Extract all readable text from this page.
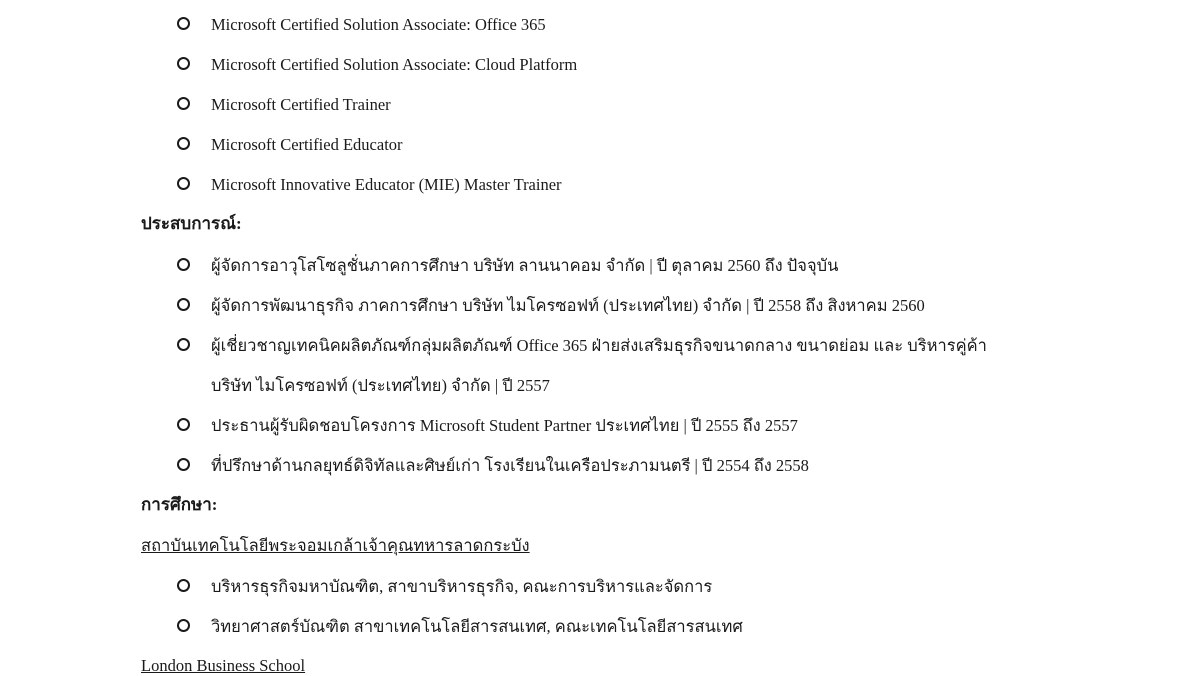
Microsoft Certified Solution Associate: Office 365
Microsoft Certified Solution Associate: Cloud Platform
Microsoft Certified Trainer
Microsoft Certified Educator
Microsoft Innovative Educator (MIE) Master Trainer
ประสบการณ์:
ผู้จัดการอาวุโสโซลูชั่นภาคการศึกษา บริษัท ลานนาคอม จำกัด | ปี ตุลาคม 2560 ถึง ปัจจุบัน
ผู้จัดการพัฒนาธุรกิจ ภาคการศึกษา บริษัท ไมโครซอฟท์ (ประเทศไทย) จำกัด | ปี 2558 ถึง สิงหาคม 2560
ผู้เชี่ยวชาญเทคนิคผลิตภัณฑ์กลุ่มผลิตภัณฑ์ Office 365 ฝ่ายส่งเสริมธุรกิจขนาดกลาง ขนาดย่อม และ บริหารคู่ค้า
บริษัท ไมโครซอฟท์ (ประเทศไทย) จำกัด | ปี 2557
ประธานผู้รับผิดชอบโครงการ Microsoft Student Partner ประเทศไทย | ปี 2555 ถึง 2557
ที่ปรึกษาด้านกลยุทธ์ดิจิทัลและศิษย์เก่า โรงเรียนในเครือประภามนตรี | ปี 2554 ถึง 2558
การศึกษา:
สถาบันเทคโนโลยีพระจอมเกล้าเจ้าคุณทหารลาดกระบัง
บริหารธุรกิจมหาบัณฑิต, สาขาบริหารธุรกิจ, คณะการบริหารและจัดการ
วิทยาศาสตร์บัณฑิต สาขาเทคโนโลยีสารสนเทศ, คณะเทคโนโลยีสารสนเทศ
London Business School
